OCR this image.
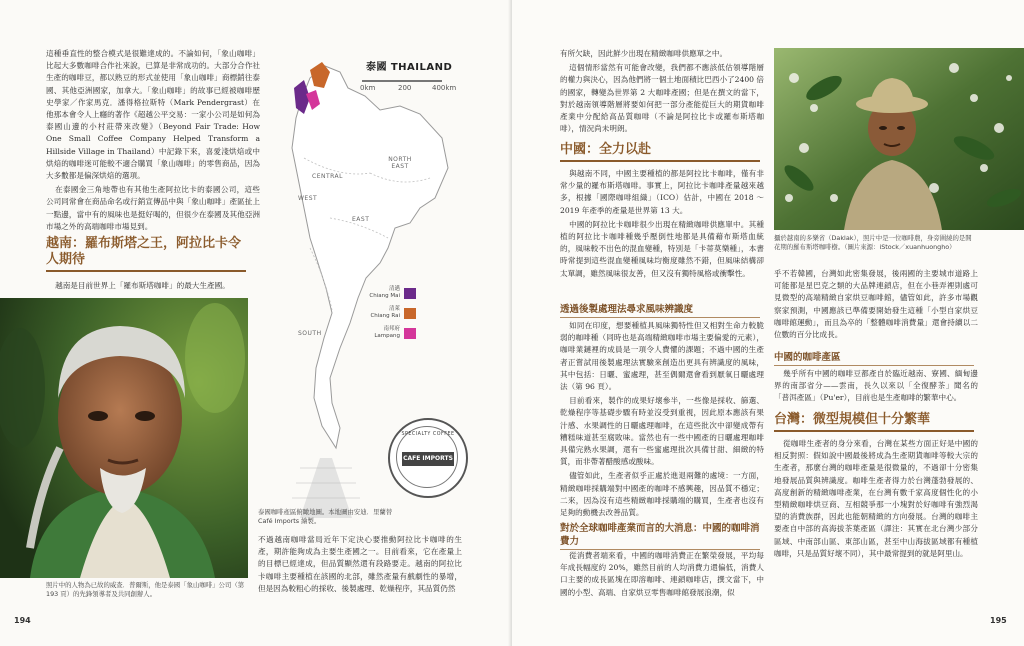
這種垂直性的整合模式是很難達成的。不論如何，「象山咖啡」比起大多數咖啡合作社來說，已算是非常成功的。大部分合作社生產的咖啡豆，都以熟豆的形式並使用「象山咖啡」商標銷往泰國、其他亞洲國家，加拿大。「象山咖啡」的故事已經被咖啡歷史學家／作家馬克．潘得格拉斯特（Mark Pendergrast）在他那本會令人上癮的著作《超越公平交易：一家小公司是如何為泰國山邊的小村莊帶來改變》（Beyond Fair Trade: How One Small Coffee Company Helped Transform a Hillside Village in Thailand）中記錄下來，喜愛淺烘焙或中烘焙的咖啡迷可能較不適合購買「象山咖啡」的零售商品，因為大多數都是偏深烘焙的選項。

在泰國金三角地帶也有其他生產阿拉比卡的泰國公司，這些公司同常會在商品命名或行銷宣傳品中與「象山咖啡」產區扯上一點邊，當中有的風味也是挺好喝的，但很少在泰國及其他亞洲市場之外的高端咖啡市場見到。

越南：羅布斯塔之王，阿拉比卡令人期待

越南是目前世界上「羅布斯塔咖啡」的最大生產國。

照片中的人物為已故的威查．普爾斯，他是泰國「象山咖啡」公司（第 193 頁）的先鋒領導者及共同創辦人。
泰國 THAILAND
0km	200	400km
NORTH EAST
CENTRAL
WEST
EAST
SOUTH
清邁
Chiang Mai
清萊
Chiang Rai
南邦府
Lampang
SPECIALTY COFFEE
CAFE IMPORTS
泰國咖啡產區俯瞰地圖。本地圖由安迪．里蘭替 Café Imports 繪製。

不過越南咖啡當局近年下定決心要推動阿拉比卡咖啡的生產，期許能夠成為主要生產國之一。目前看來，它在產量上的目標已經達成，但品質顯然還有段路要走。越南的阿拉比卡咖啡主要種植在該國的北部，雖然產量有戲劇性的暴增，但是因為較粗心的採收、後製處理、乾燥程序，其品質仍然

194

有所欠缺，因此鮮少出現在精緻咖啡供應單之中。

這個情形當然有可能會改變，我們都不應該低估領導階層的權力與決心，因為他們將一個土地面積比巴西小了2400 倍的國家，轉變為世界第 2 大咖啡產國；但是在撰文的當下，對於越南領導階層將要如何把一部分產能從巨大的期貨咖啡產業中分配給高品質咖啡（不論是阿拉比卡或羅布斯塔咖啡），情況尚未明朗。

中國：全力以赴

與越南不同，中國主要種植的都是阿拉比卡咖啡，僅有非常少量的羅布斯塔咖啡。事實上，阿拉比卡咖啡產量越來越多，根據「國際咖啡組織」（ICO）估計，中國在 2018 ～ 2019 年產季的產量是世界第 13 大。

中國的阿拉比卡咖啡很少出現在精緻咖啡供應單中。其種植的阿拉比卡咖啡種幾乎壓倒性地都是具備藉布斯塔血統的，風味較不出色的混血變種，特別是「卡蒂莫樂種」，本書時常提到這些混血變種風味均衡度雖然不錯，但風味結構卻太單調，雖然風味很友善，但又沒有獨特風格或衝擊性。

透過後製處理法尋求風味辨識度

如同在印度，想要種植具風味獨特性但又相對生命力較脆弱的咖啡種（同時也是高端精緻咖啡市場主要偏愛的元素），咖啡業鏈裡的成員是一項令人費懼的課題；不過中國的生產者正嘗試用後製處理法實驗來創造出更具有辨識度的風味，其中包括：日曬、蜜處理，甚至偶爾還會看到厭氧日曬處理法（第 96 頁）。

目前看來，製作的成果好壞參半，一些像是採收、篩選、乾燥程序等基礎步驟有時並沒受到重視，因此原本應該有果汁感、水果調性的日曬處理咖啡，在這些批次中卻變成帶有糟糕味道甚至腐敗味。當然也有一些中國產的日曬處理咖啡具備完熟水果調，還有一些蜜處理批次具備甘甜、細緻的特質，而非帶著醋酸感或酸味。

儘管如此，生產者似乎正處於進退兩難的處境：一方面，精緻咖啡採購端對中國產的咖啡不感興趣，因品質不穩定；二來，因為沒有這些精緻咖啡採購端的購買，生產者也沒有足夠的動機去改善品質。

對於全球咖啡產業而言的大消息：中國的咖啡消費力

從消費者端來看，中國的咖啡消費正在繁榮發展，平均每年成長幅度約 20%，雖然目前的人均消費力還偏低，消費人口主要的成長區塊在即溶咖啡、連鎖咖啡店，撰文當下，中國的小型、高端、自家烘豆零售咖啡館發展浪潮，似

攝於越南的多樂省（Daklak），照片中是一位咖啡農，身旁圍繞的是開花期的羅布斯塔咖啡樹。（圖片來源：iStock／xuanhuongho）

乎不若韓國，台灣如此密集發展，後兩國的主要城市道路上可能都是星巴克之類的大品牌連鎖店，但在小巷弄裡則處可見微型的高端精緻自家烘豆咖啡館，儘管如此，許多市場觀察家預測，中國應該已準備要開始發生這種「小型自家烘豆咖啡館運動」，而且為卒的「整體咖啡消費量」還會持續以二位數的百分比成長。

中國的咖啡產區

幾乎所有中國的咖啡豆都產自於臨近越南、寮國、緬甸邊界的南部省分——雲南，長久以來以「全復酵茶」聞名的「普洱產區」（Pu'er），目前也是生產咖啡的繁華中心。

台灣：微型規模但十分繁華

從咖啡生產者的身分來看，台灣在某些方面正好是中國的相反對照：假如說中國最後將成為生產期貨咖啡等較大宗的生產者，那麼台灣的咖啡產量是很微量的，不過卻十分密集地發展品質與辨識度。咖啡生產者得力於台灣蓬勃發展的、高度創新的精緻咖啡產業，在台灣有數千家高度個性化的小型精緻咖啡烘豆商、互相競爭那一小塊對於好咖啡有強烈渴望的消費族群，因此也能朝精緻的方向發展。台灣的咖啡主要產自中部的高海拔茶葉產區（譯注：其實在北台灣少部分區域、中南部山區、東部山區，甚至中山海拔區域都有種植咖啡，只是品質好壞不同），其中最常提到的就是阿里山。

195
